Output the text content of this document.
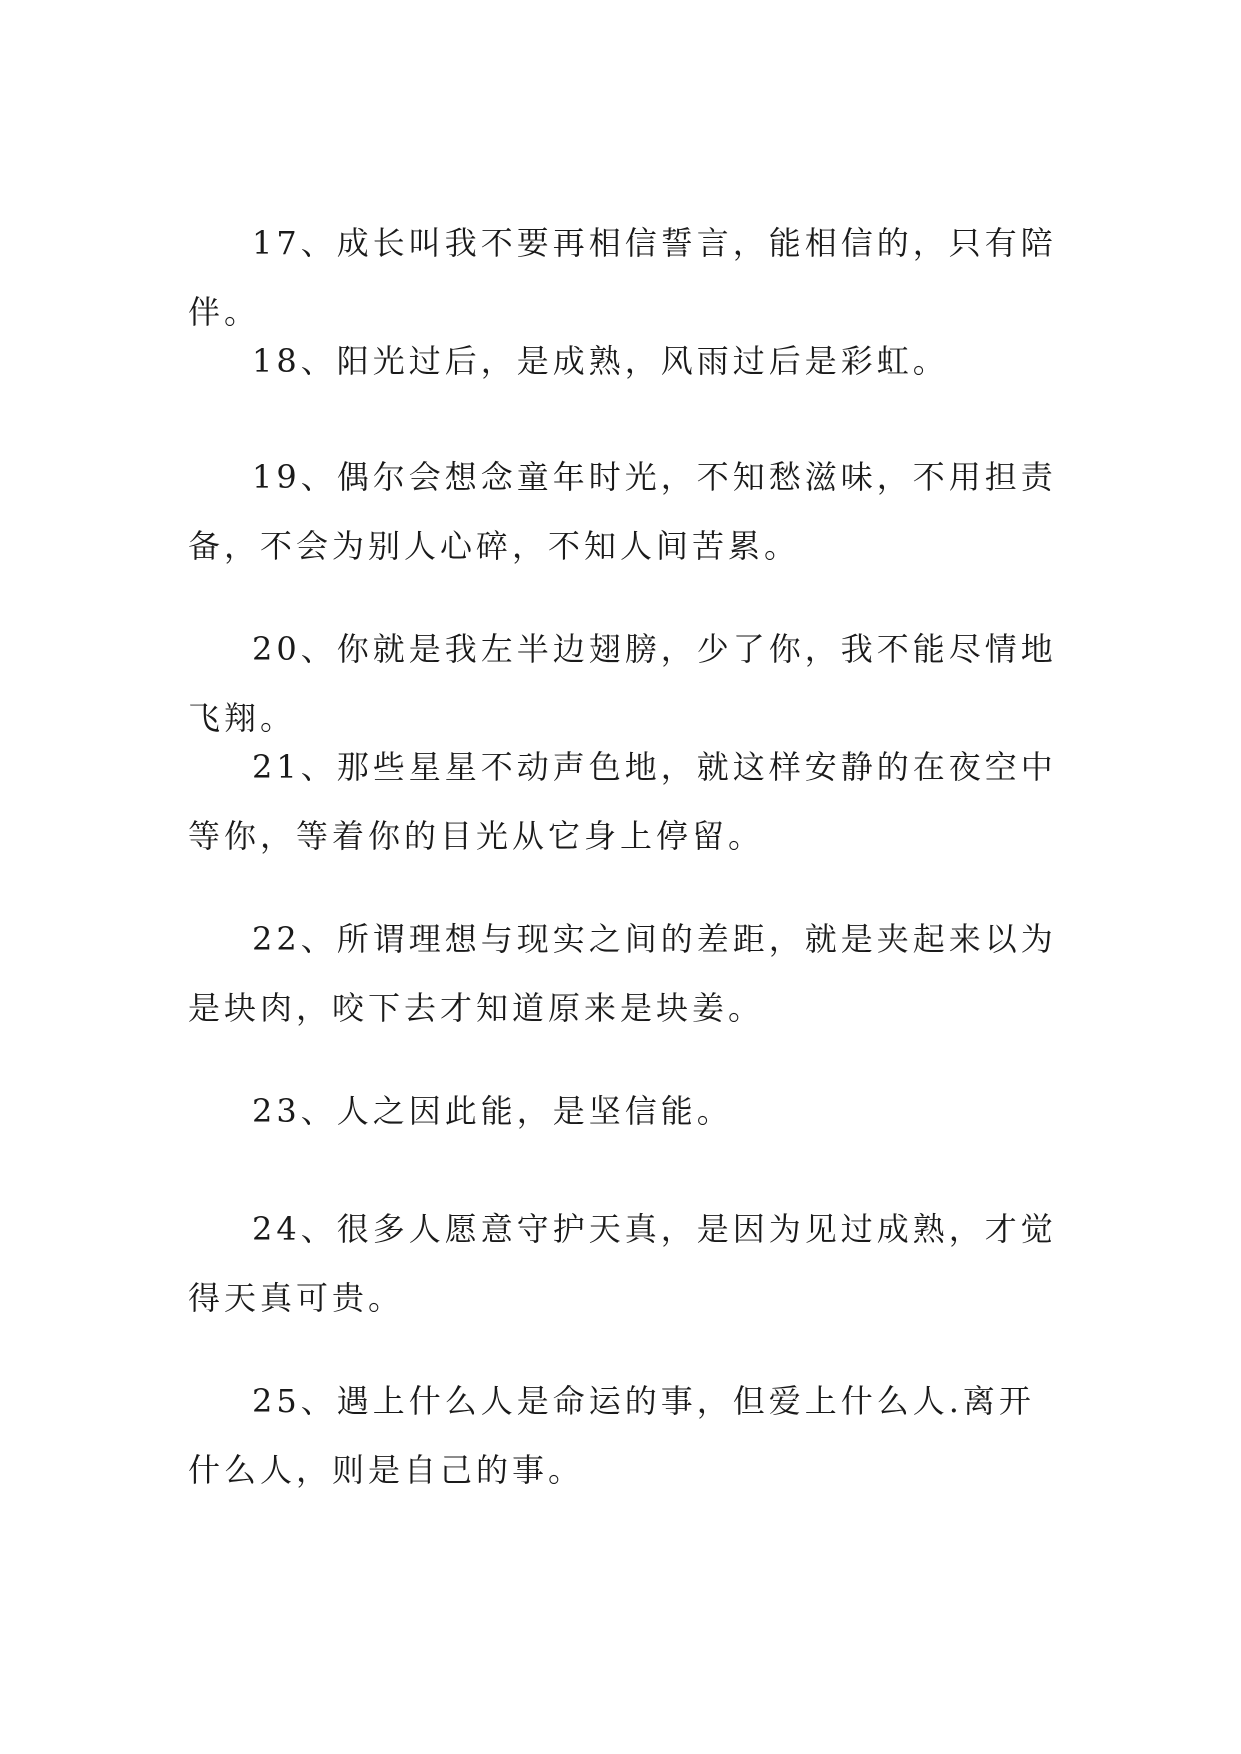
17、成长叫我不要再相信誓言，能相信的，只有陪伴。

18、阳光过后，是成熟，风雨过后是彩虹。

19、偶尔会想念童年时光，不知愁滋味，不用担责备，不会为别人心碎，不知人间苦累。

20、你就是我左半边翅膀，少了你，我不能尽情地飞翔。

21、那些星星不动声色地，就这样安静的在夜空中等你，等着你的目光从它身上停留。

22、所谓理想与现实之间的差距，就是夹起来以为是块肉，咬下去才知道原来是块姜。

23、人之因此能，是坚信能。

24、很多人愿意守护天真，是因为见过成熟，才觉得天真可贵。

25、遇上什么人是命运的事，但爱上什么人.离开什么人，则是自己的事。
